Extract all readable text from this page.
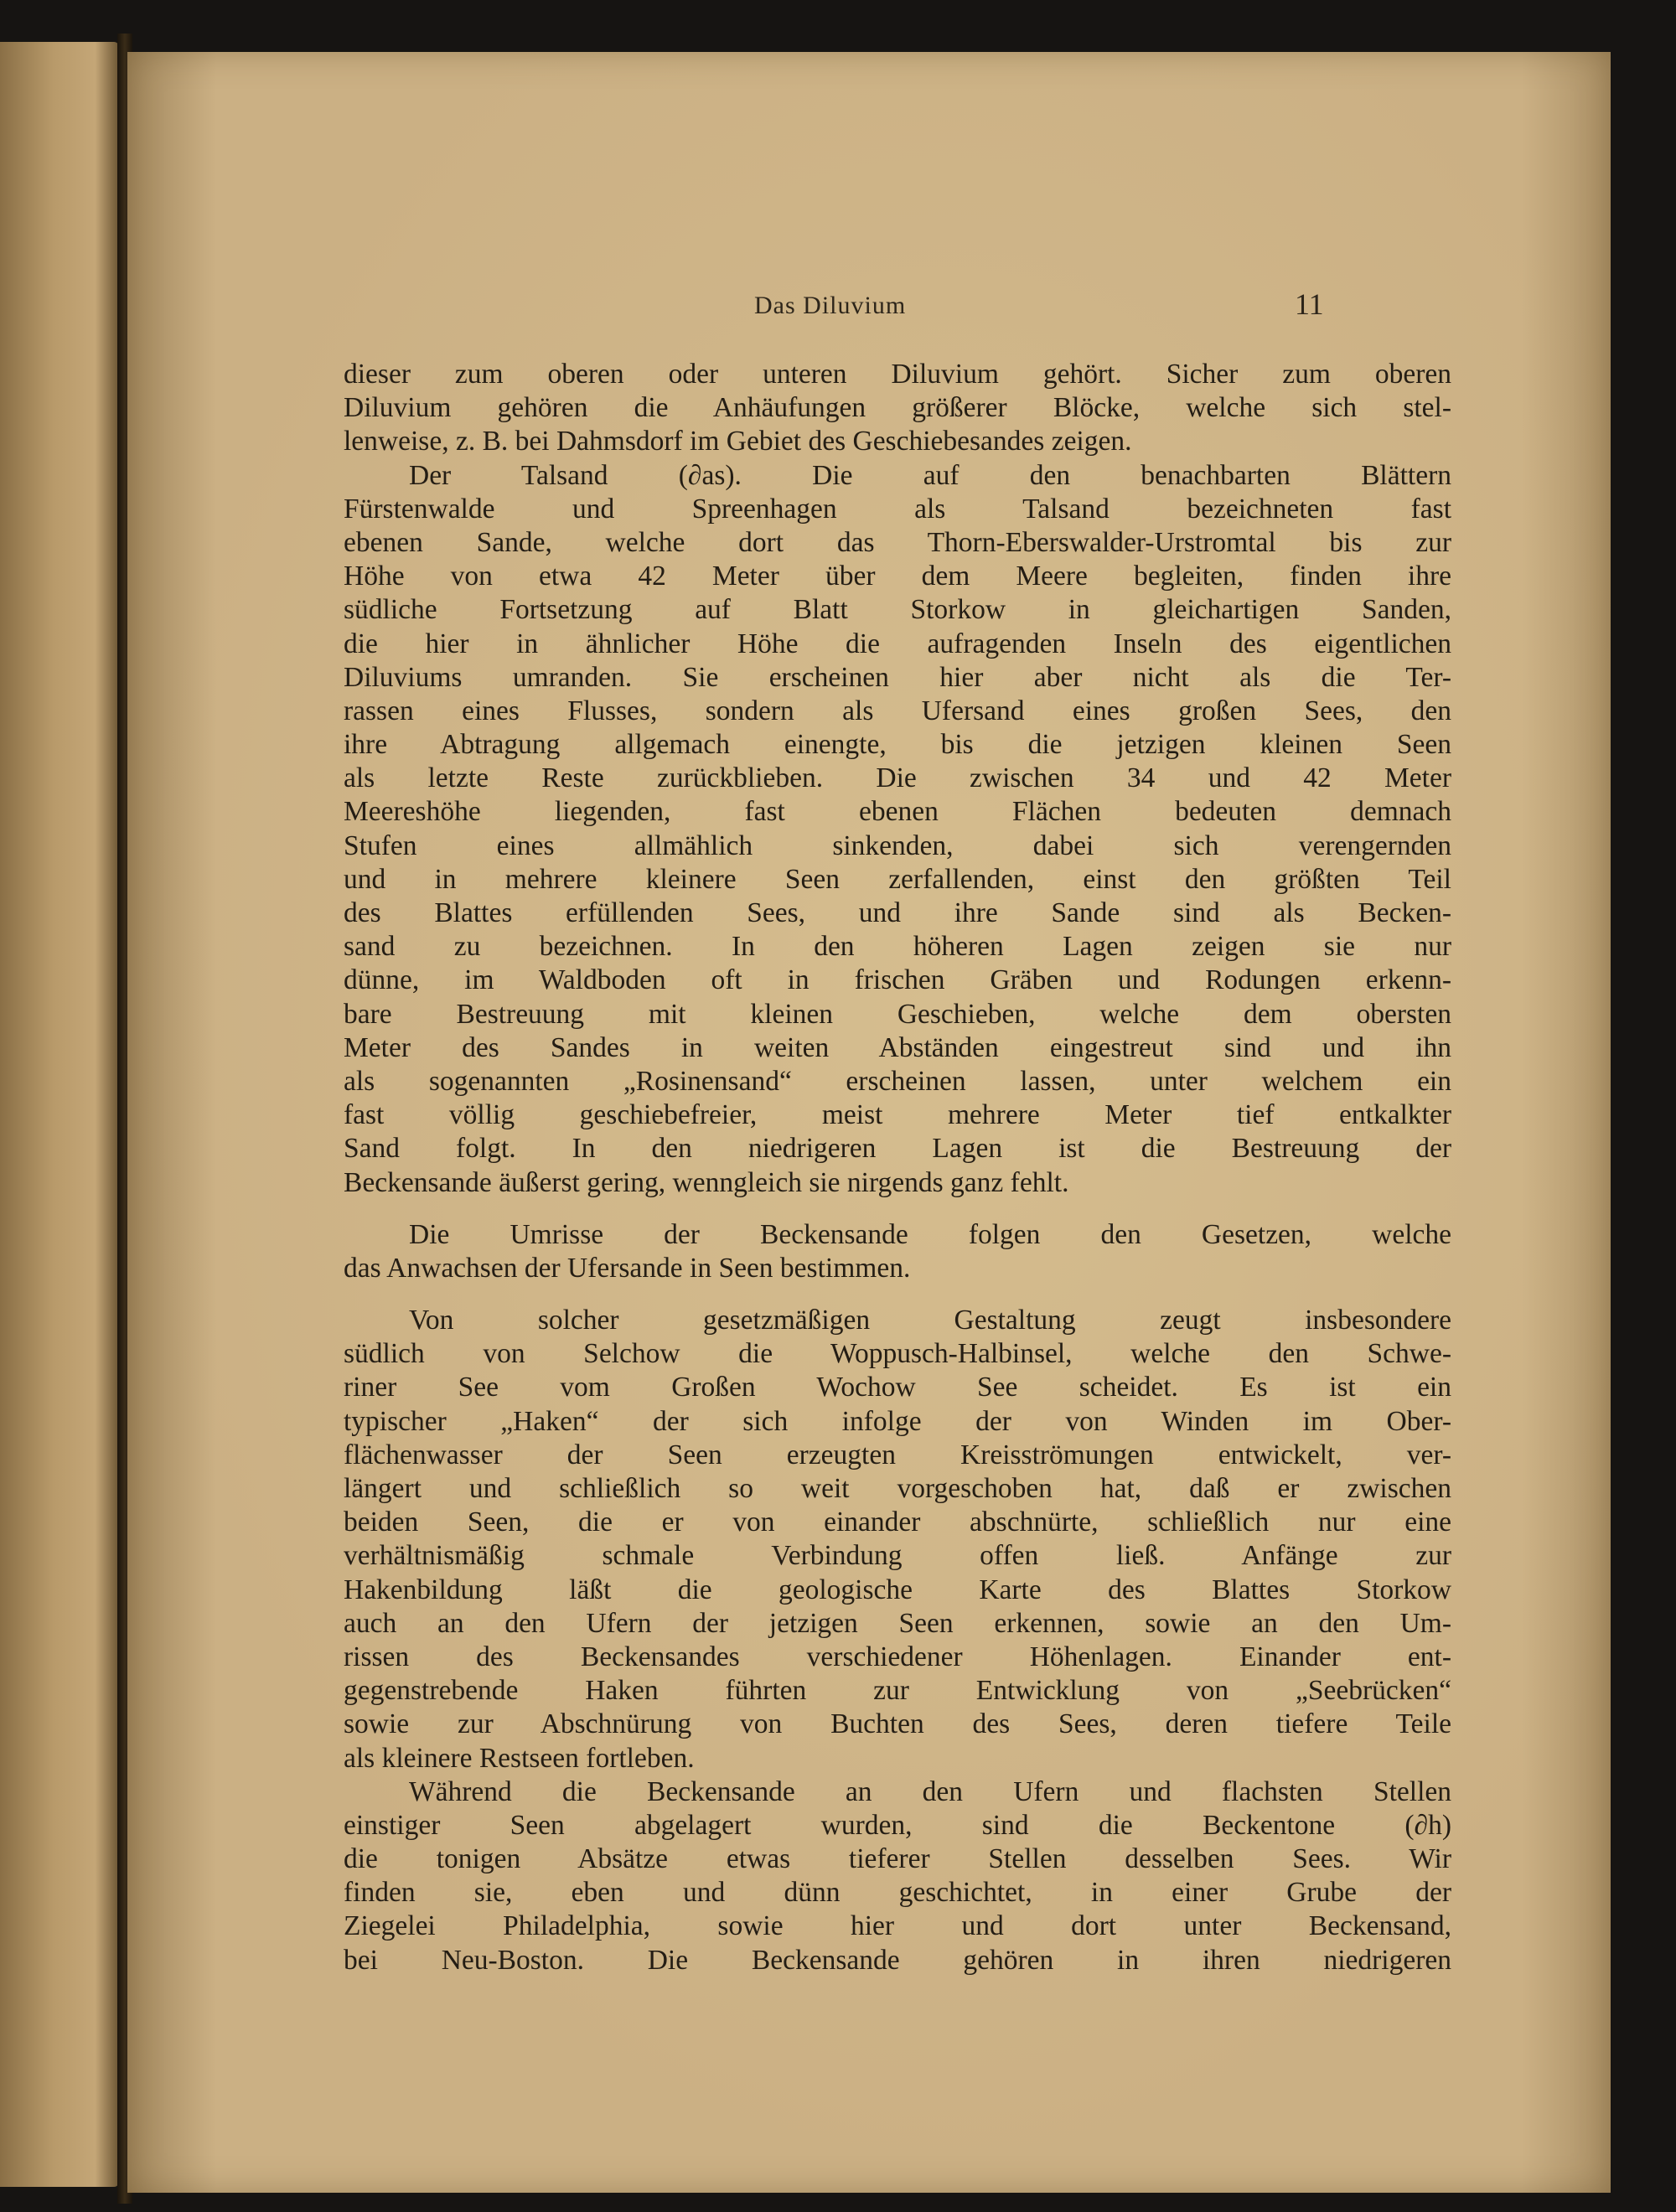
Das Diluvium	11
dieser zum oberen oder unteren Diluvium gehört. Sicher zum oberen
Diluvium gehören die Anhäufungen größerer Blöcke, welche sich stel-
lenweise, z. B. bei Dahmsdorf im Gebiet des Geschiebesandes zeigen.
Der Talsand (∂as). Die auf den benachbarten Blättern
Fürstenwalde und Spreenhagen als Talsand bezeichneten fast
ebenen Sande, welche dort das Thorn-Eberswalder-Urstromtal bis zur
Höhe von etwa 42 Meter über dem Meere begleiten, finden ihre
südliche Fortsetzung auf Blatt Storkow in gleichartigen Sanden,
die hier in ähnlicher Höhe die aufragenden Inseln des eigentlichen
Diluviums umranden. Sie erscheinen hier aber nicht als die Ter-
rassen eines Flusses, sondern als Ufersand eines großen Sees, den
ihre Abtragung allgemach einengte, bis die jetzigen kleinen Seen
als letzte Reste zurückblieben. Die zwischen 34 und 42 Meter
Meereshöhe liegenden, fast ebenen Flächen bedeuten demnach
Stufen eines allmählich sinkenden, dabei sich verengernden
und in mehrere kleinere Seen zerfallenden, einst den größten Teil
des Blattes erfüllenden Sees, und ihre Sande sind als Becken-
sand zu bezeichnen. In den höheren Lagen zeigen sie nur
dünne, im Waldboden oft in frischen Gräben und Rodungen erkenn-
bare Bestreuung mit kleinen Geschieben, welche dem obersten
Meter des Sandes in weiten Abständen eingestreut sind und ihn
als sogenannten „Rosinensand“ erscheinen lassen, unter welchem ein
fast völlig geschiebefreier, meist mehrere Meter tief entkalkter
Sand folgt. In den niedrigeren Lagen ist die Bestreuung der
Beckensande äußerst gering, wenngleich sie nirgends ganz fehlt.
Die Umrisse der Beckensande folgen den Gesetzen, welche
das Anwachsen der Ufersande in Seen bestimmen.
Von solcher gesetzmäßigen Gestaltung zeugt insbesondere
südlich von Selchow die Woppusch-Halbinsel, welche den Schwe-
riner See vom Großen Wochow See scheidet. Es ist ein
typischer „Haken“ der sich infolge der von Winden im Ober-
flächenwasser der Seen erzeugten Kreisströmungen entwickelt, ver-
längert und schließlich so weit vorgeschoben hat, daß er zwischen
beiden Seen, die er von einander abschnürte, schließlich nur eine
verhältnismäßig schmale Verbindung offen ließ. Anfänge zur
Hakenbildung läßt die geologische Karte des Blattes Storkow
auch an den Ufern der jetzigen Seen erkennen, sowie an den Um-
rissen des Beckensandes verschiedener Höhenlagen. Einander ent-
gegenstrebende Haken führten zur Entwicklung von „Seebrücken“
sowie zur Abschnürung von Buchten des Sees, deren tiefere Teile
als kleinere Restseen fortleben.
Während die Beckensande an den Ufern und flachsten Stellen
einstiger Seen abgelagert wurden, sind die Beckentone (∂h)
die tonigen Absätze etwas tieferer Stellen desselben Sees. Wir
finden sie, eben und dünn geschichtet, in einer Grube der
Ziegelei Philadelphia, sowie hier und dort unter Beckensand,
bei Neu-Boston. Die Beckensande gehören in ihren niedrigeren
